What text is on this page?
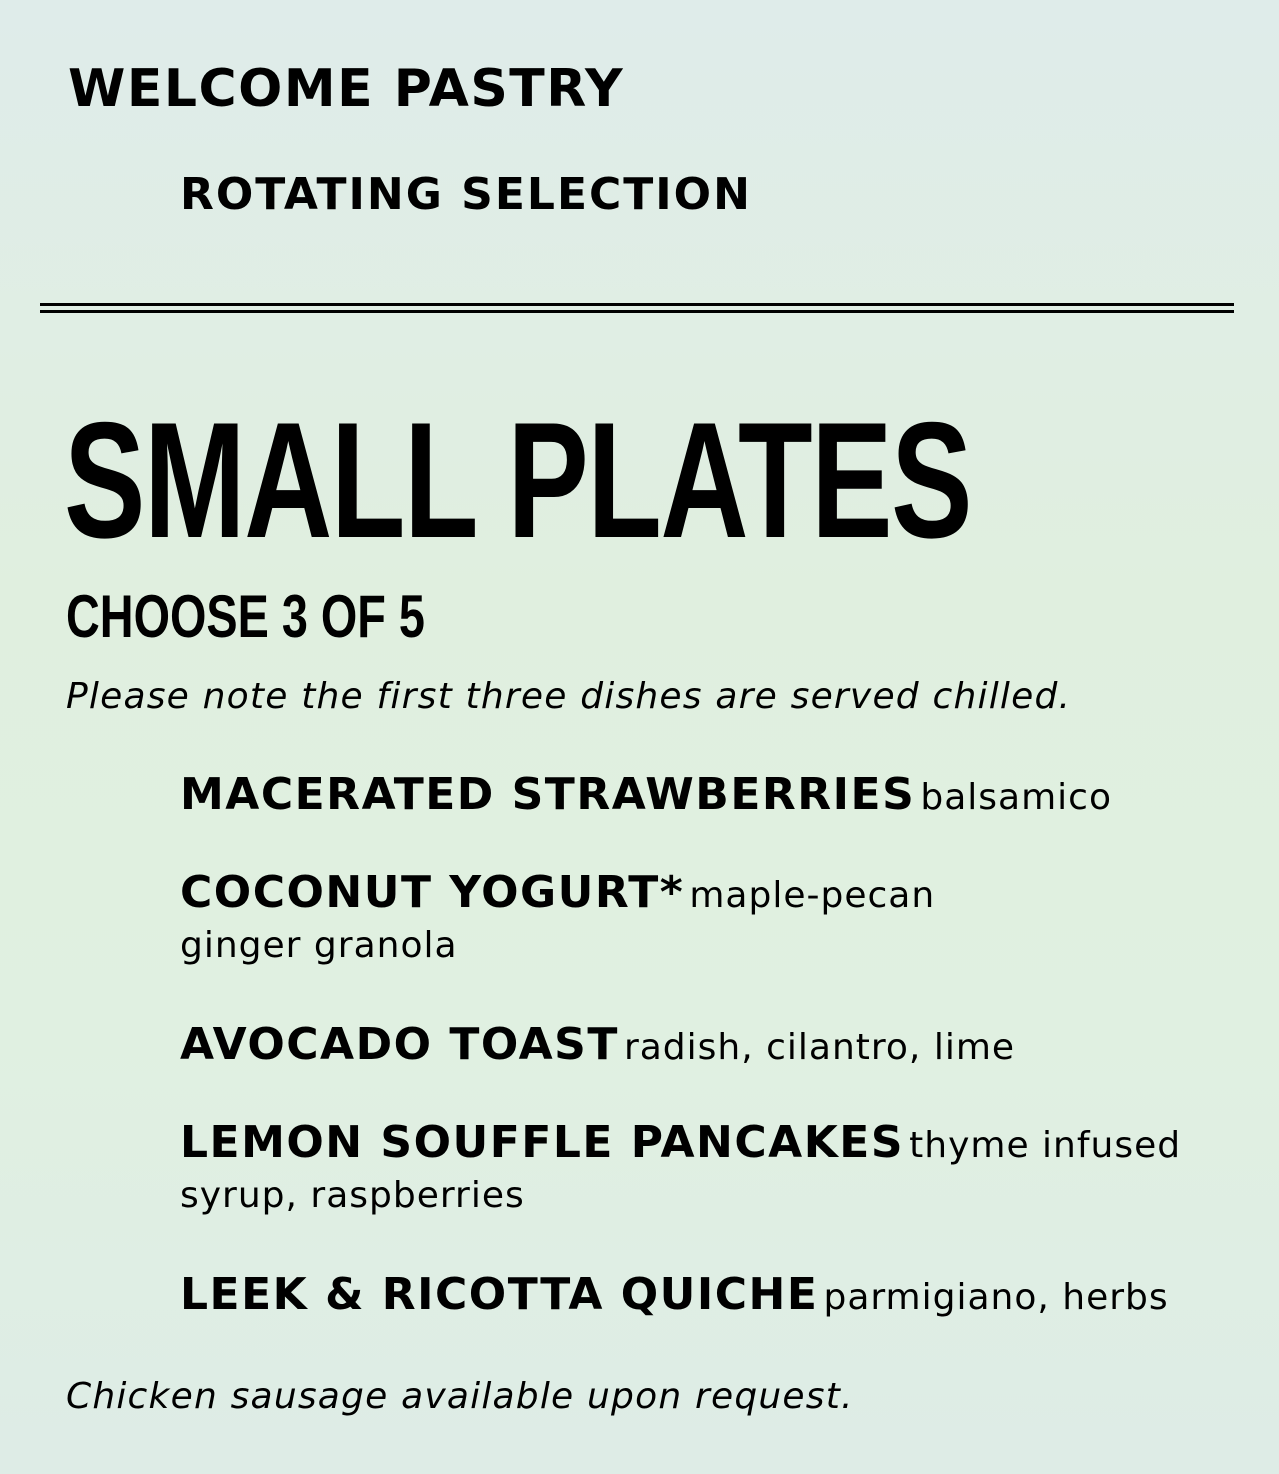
WELCOME PASTRY
ROTATING SELECTION
SMALL PLATES
CHOOSE 3 OF 5
Please note the first three dishes are served chilled.
MACERATED STRAWBERRIES balsamico
COCONUT YOGURT* maple-pecan
ginger granola
AVOCADO TOAST radish, cilantro, lime
LEMON SOUFFLE PANCAKES thyme infused
syrup, raspberries
LEEK & RICOTTA QUICHE parmigiano, herbs
Chicken sausage available upon request.
